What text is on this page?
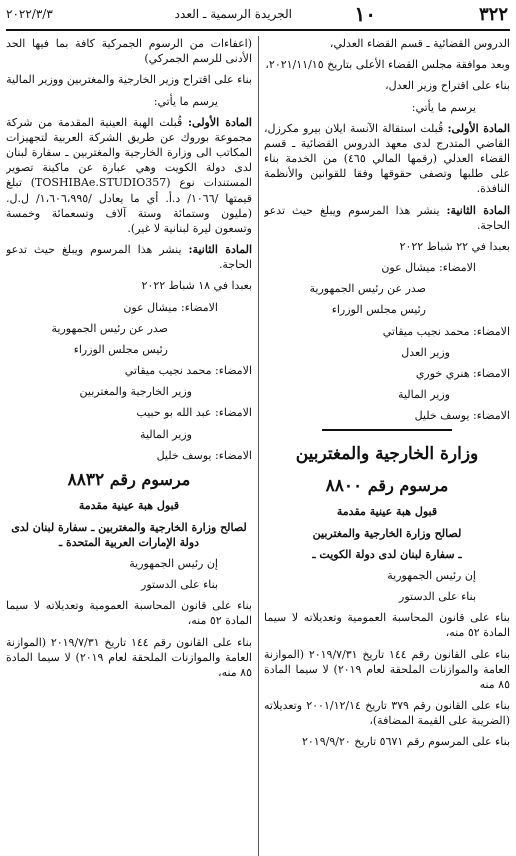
٣٢٢
الجريدة الرسمية ـ العدد	١٠
٢٠٢٢/٣/٣

الدروس القضائية ـ قسم القضاء العدلي،

وبعد موافقة مجلس القضاء الأعلى بتاريخ ٢٠٢١/١١/١٥،

بناء على اقتراح وزير العدل،

يرسم ما يأتي:

المادة الأولى: قُبلت استقالة الآنسة ايلان بيرو مكرزل، القاضي المتدرج لدى معهد الدروس القضائية ـ قسم القضاء العدلي (رقمها المالي ٤٦٥) من الخدمة بناء على طلبها وتصفى حقوقها وفقا للقوانين والأنظمة النافذة.

المادة الثانية: ينشر هذا المرسوم ويبلغ حيث تدعو الحاجة.

بعبدا في ٢٢ شباط ٢٠٢٢

الامضاء: ميشال عون

صدر عن رئيس الجمهورية

رئيس مجلس الوزراء

الامضاء: محمد نجيب ميقاتي

وزير العدل

الامضاء: هنري خوري

وزير المالية

الامضاء: يوسف خليل

وزارة الخارجية والمغتربين
مرسوم رقم ٨٨٠٠

قبول هبة عينية مقدمة

لصالح وزارة الخارجية والمغتربين

ـ سفارة لبنان لدى دولة الكويت ـ

إن رئيس الجمهورية

بناء على الدستور

بناء على قانون المحاسبة العمومية وتعديلاته لا سيما المادة ٥٢ منه،

بناء على القانون رقم ١٤٤ تاريخ ٢٠١٩/٧/٣١ (الموازنة العامة والموازنات الملحقة لعام ٢٠١٩) لا سيما المادة ٨٥ منه

بناء على القانون رقم ٣٧٩ تاريخ ٢٠٠١/١٢/١٤ وتعديلاته (الضريبة على القيمة المضافة)،

بناء على المرسوم رقم ٥٦٧١ تاريخ ٢٠١٩/٩/٢٠

(اعفاءات من الرسوم الجمركية كافة بما فيها الحد الأدنى للرسم الجمركي)

بناء على اقتراح وزير الخارجية والمغتربين ووزير المالية

يرسم ما يأتي:

المادة الأولى: قُبلت الهبة العينية المقدمة من شركة مجموعة بوروك عن طريق الشركة العربية لتجهيزات المكاتب الى وزارة الخارجية والمغتربين ـ سفارة لبنان لدى دولة الكويت وهي عبارة عن ماكينة تصوير المستندات نوع (TOSHIBAe.STUDIO357) تبلغ قيمتها /١٠٦٦/ د.أ. أي ما يعادل /١،٦٠٦،٩٩٥/ ل.ل. (مليون وستمائة وستة آلاف وتسعمائة وخمسة وتسعون ليرة لبنانية لا غير).

المادة الثانية: ينشر هذا المرسوم ويبلغ حيث تدعو الحاجة.

بعبدا في ١٨ شباط ٢٠٢٢

الامضاء: ميشال عون

صدر عن رئيس الجمهورية

رئيس مجلس الوزراء

الامضاء: محمد نجيب ميقاتي

وزير الخارجية والمغتربين

الامضاء: عبد الله بو حبيب

وزير المالية

الامضاء: يوسف خليل

مرسوم رقم ٨٨٣٢

قبول هبة عينية مقدمة

لصالح وزارة الخارجية والمغتربين ـ سفارة لبنان لدى دولة الإمارات العربية المتحدة ـ

إن رئيس الجمهورية

بناء على الدستور

بناء على قانون المحاسبة العمومية وتعديلاته لا سيما المادة ٥٢ منه،

بناء على القانون رقم ١٤٤ تاريخ ٢٠١٩/٧/٣١ (الموازنة العامة والموازنات الملحقة لعام ٢٠١٩) لا سيما المادة ٨٥ منه،
